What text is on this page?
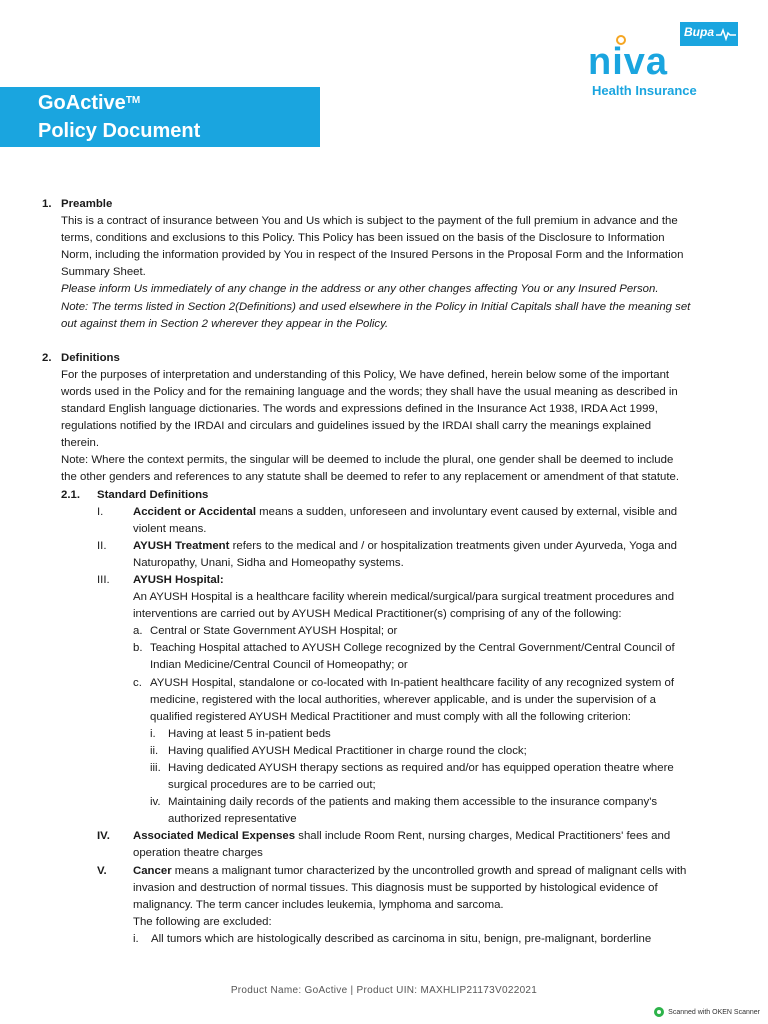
Bupa
niva
Health Insurance
GoActive™
Policy Document
1. Preamble
This is a contract of insurance between You and Us which is subject to the payment of the full premium in advance and the
terms, conditions and exclusions to this Policy. This Policy has been issued on the basis of the Disclosure to Information
Norm, including the information provided by You in respect of the Insured Persons in the Proposal Form and the Information
Summary Sheet.
Please inform Us immediately of any change in the address or any other changes affecting You or any Insured Person.
Note: The terms listed in Section 2(Definitions) and used elsewhere in the Policy in Initial Capitals shall have the meaning set
out against them in Section 2 wherever they appear in the Policy.
2. Definitions
For the purposes of interpretation and understanding of this Policy, We have defined, herein below some of the important
words used in the Policy and for the remaining language and the words; they shall have the usual meaning as described in
standard English language dictionaries. The words and expressions defined in the Insurance Act 1938, IRDA Act 1999,
regulations notified by the IRDAI and circulars and guidelines issued by the IRDAI shall carry the meanings explained
therein.
Note: Where the context permits, the singular will be deemed to include the plural, one gender shall be deemed to include
the other genders and references to any statute shall be deemed to refer to any replacement or amendment of that statute.
2.1. Standard Definitions
I.	Accident or Accidental means a sudden, unforeseen and involuntary event caused by external, visible and
violent means.
II. AYUSH Treatment refers to the medical and / or hospitalization treatments given under Ayurveda, Yoga and
Naturopathy, Unani, Sidha and Homeopathy systems.
III. AYUSH Hospital:
An AYUSH Hospital is a healthcare facility wherein medical/surgical/para surgical treatment procedures and
interventions are carried out by AYUSH Medical Practitioner(s) comprising of any of the following:
a. Central or State Government AYUSH Hospital; or
b. Teaching Hospital attached to AYUSH College recognized by the Central Government/Central Council of
Indian Medicine/Central Council of Homeopathy; or
c. AYUSH Hospital, standalone or co-located with In-patient healthcare facility of any recognized system of
medicine, registered with the local authorities, wherever applicable, and is under the supervision of a
qualified registered AYUSH Medical Practitioner and must comply with all the following criterion:
i. Having at least 5 in-patient beds
ii. Having qualified AYUSH Medical Practitioner in charge round the clock;
iii. Having dedicated AYUSH therapy sections as required and/or has equipped operation theatre where
surgical procedures are to be carried out;
iv. Maintaining daily records of the patients and making them accessible to the insurance company's
authorized representative
IV. Associated Medical Expenses shall include Room Rent, nursing charges, Medical Practitioners' fees and
operation theatre charges
V. Cancer means a malignant tumor characterized by the uncontrolled growth and spread of malignant cells with
invasion and destruction of normal tissues. This diagnosis must be supported by histological evidence of
malignancy. The term cancer includes leukemia, lymphoma and sarcoma.
The following are excluded:
i. All tumors which are histologically described as carcinoma in situ, benign, pre-malignant, borderline
Product Name: GoActive | Product UIN: MAXHLIP21173V022021
Scanned with OKEN Scanner
